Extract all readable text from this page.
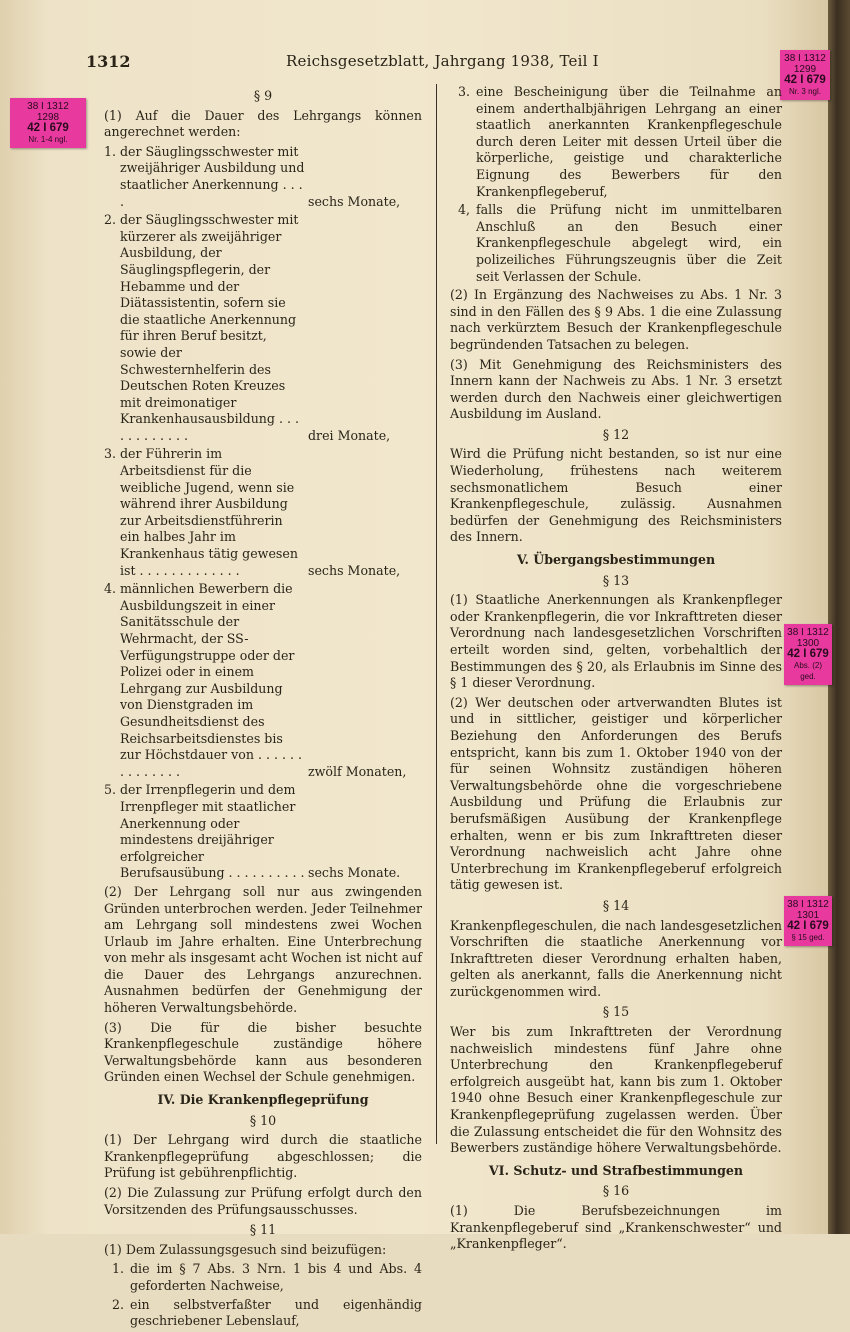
1312	Reichsgesetzblatt, Jahrgang 1938, Teil I
38 I 1312
1298
42 I 679
Nr. 1-4 ngl.
38 I 1312
1299
42 I 679
Nr. 3 ngl.
38 I 1312
1300
42 I 679
Abs. (2) ged.
38 I 1312
1301
42 I 679
§ 15 ged.
§ 9

(1) Auf die Dauer des Lehrgangs können angerechnet werden:

1. der Säuglingsschwester mit zweijähriger Ausbildung und staatlicher Anerkennung . . . .	sechs Monate,
2. der Säuglingsschwester mit kürzerer als zweijähriger Ausbildung, der Säuglingspflegerin, der Hebamme und der Diätassistentin, sofern sie die staatliche Anerkennung für ihren Beruf besitzt, sowie der Schwesternhelferin des Deutschen Roten Kreuzes mit dreimonatiger Krankenhausausbildung . . . . . . . . . . . .	drei Monate,
3. der Führerin im Arbeitsdienst für die weibliche Jugend, wenn sie während ihrer Ausbildung zur Arbeitsdienstführerin ein halbes Jahr im Krankenhaus tätig gewesen ist . . . . . . . . . . . . .	sechs Monate,
4. männlichen Bewerbern die Ausbildungszeit in einer Sanitätsschule der Wehrmacht, der SS-Verfügungstruppe oder der Polizei oder in einem Lehrgang zur Ausbildung von Dienstgraden im Gesundheitsdienst des Reichsarbeitsdienstes bis zur Höchstdauer von . . . . . . . . . . . . . .	zwölf Monaten,
5. der Irrenpflegerin und dem Irrenpfleger mit staatlicher Anerkennung oder mindestens dreijähriger erfolgreicher Berufsausübung . . . . . . . . . . sechs Monate.

(2) Der Lehrgang soll nur aus zwingenden Gründen unterbrochen werden. Jeder Teilnehmer am Lehrgang soll mindestens zwei Wochen Urlaub im Jahre erhalten. Eine Unterbrechung von mehr als insgesamt acht Wochen ist nicht auf die Dauer des Lehrgangs anzurechnen. Ausnahmen bedürfen der Genehmigung der höheren Verwaltungsbehörde.

(3) Die für die bisher besuchte Krankenpflegeschule zuständige höhere Verwaltungsbehörde kann aus besonderen Gründen einen Wechsel der Schule genehmigen.

IV. Die Krankenpflegeprüfung
§ 10

(1) Der Lehrgang wird durch die staatliche Krankenpflegeprüfung abgeschlossen; die Prüfung ist gebührenpflichtig.

(2) Die Zulassung zur Prüfung erfolgt durch den Vorsitzenden des Prüfungsausschusses.

§ 11

(1) Dem Zulassungsgesuch sind beizufügen:

1. die im § 7 Abs. 3 Nrn. 1 bis 4 und Abs. 4 geforderten Nachweise,
2. ein selbstverfaßter und eigenhändig geschriebener Lebenslauf,
3. eine Bescheinigung über die Teilnahme an einem anderthalbjährigen Lehrgang an einer staatlich anerkannten Krankenpflegeschule durch deren Leiter mit dessen Urteil über die körperliche, geistige und charakterliche Eignung des Bewerbers für den Krankenpflegeberuf,
4, falls die Prüfung nicht im unmittelbaren Anschluß an den Besuch einer Krankenpflegeschule abgelegt wird, ein polizeiliches Führungszeugnis über die Zeit seit Verlassen der Schule.

(2) In Ergänzung des Nachweises zu Abs. 1 Nr. 3 sind in den Fällen des § 9 Abs. 1 die eine Zulassung nach verkürztem Besuch der Krankenpflegeschule begründenden Tatsachen zu belegen.

(3) Mit Genehmigung des Reichsministers des Innern kann der Nachweis zu Abs. 1 Nr. 3 ersetzt werden durch den Nachweis einer gleichwertigen Ausbildung im Ausland.

§ 12

Wird die Prüfung nicht bestanden, so ist nur eine Wiederholung, frühestens nach weiterem sechsmonatlichem Besuch einer Krankenpflegeschule, zulässig. Ausnahmen bedürfen der Genehmigung des Reichsministers des Innern.

V. Übergangsbestimmungen
§ 13

(1) Staatliche Anerkennungen als Krankenpfleger oder Krankenpflegerin, die vor Inkrafttreten dieser Verordnung nach landesgesetzlichen Vorschriften erteilt worden sind, gelten, vorbehaltlich der Bestimmungen des § 20, als Erlaubnis im Sinne des § 1 dieser Verordnung.

(2) Wer deutschen oder artverwandten Blutes ist und in sittlicher, geistiger und körperlicher Beziehung den Anforderungen des Berufs entspricht, kann bis zum 1. Oktober 1940 von der für seinen Wohnsitz zuständigen höheren Verwaltungsbehörde ohne die vorgeschriebene Ausbildung und Prüfung die Erlaubnis zur berufsmäßigen Ausübung der Krankenpflege erhalten, wenn er bis zum Inkrafttreten dieser Verordnung nachweislich acht Jahre ohne Unterbrechung im Krankenpflegeberuf erfolgreich tätig gewesen ist.

§ 14

Krankenpflegeschulen, die nach landesgesetzlichen Vorschriften die staatliche Anerkennung vor Inkrafttreten dieser Verordnung erhalten haben, gelten als anerkannt, falls die Anerkennung nicht zurückgenommen wird.

§ 15

Wer bis zum Inkrafttreten der Verordnung nachweislich mindestens fünf Jahre ohne Unterbrechung den Krankenpflegeberuf erfolgreich ausgeübt hat, kann bis zum 1. Oktober 1940 ohne Besuch einer Krankenpflegeschule zur Krankenpflegeprüfung zugelassen werden. Über die Zulassung entscheidet die für den Wohnsitz des Bewerbers zuständige höhere Verwaltungsbehörde.

VI. Schutz- und Strafbestimmungen
§ 16

(1) Die Berufsbezeichnungen im Krankenpflegeberuf sind „Krankenschwester“ und „Krankenpfleger“.
